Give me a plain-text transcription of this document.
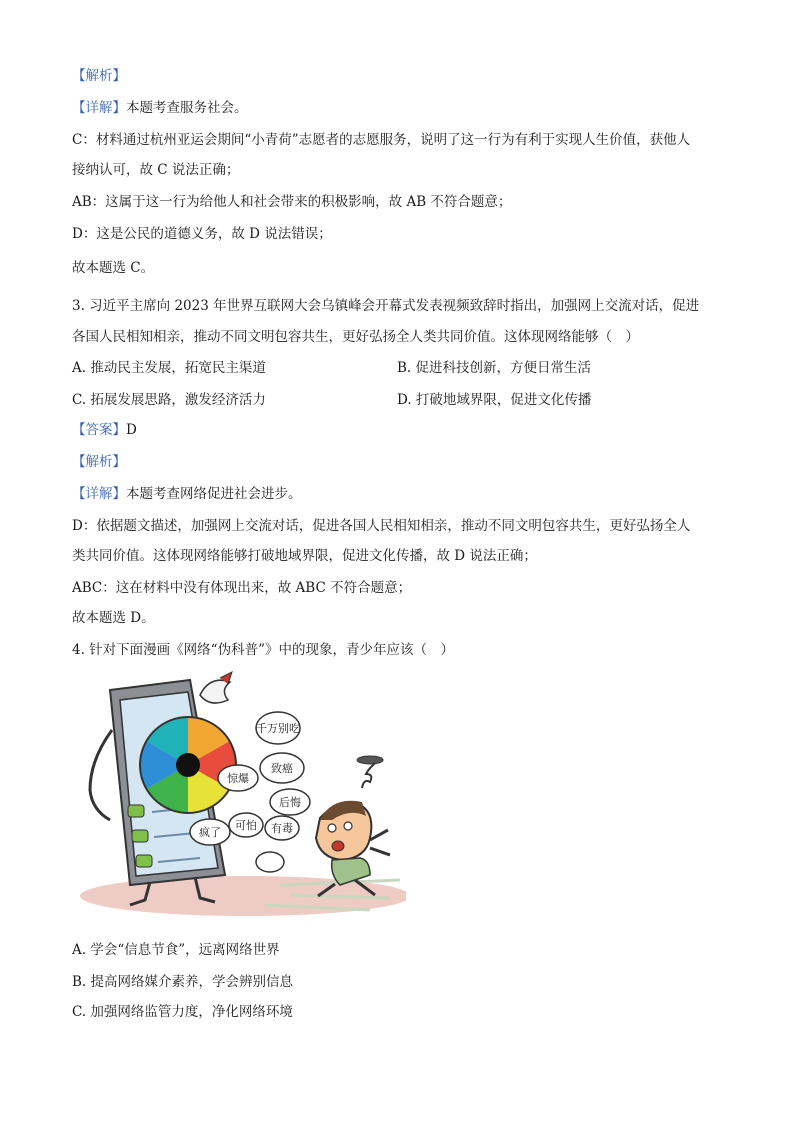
【解析】
【详解】本题考查服务社会。
C：材料通过杭州亚运会期间“小青荷”志愿者的志愿服务，说明了这一行为有利于实现人生价值，获他人
接纳认可，故 C 说法正确；
AB：这属于这一行为给他人和社会带来的积极影响，故 AB 不符合题意；
D：这是公民的道德义务，故 D 说法错误；
故本题选 C。
3. 习近平主席向 2023 年世界互联网大会乌镇峰会开幕式发表视频致辞时指出，加强网上交流对话，促进
各国人民相知相亲，推动不同文明包容共生，更好弘扬全人类共同价值。这体现网络能够（　）
A. 推动民主发展，拓宽民主渠道	B. 促进科技创新，方便日常生活
C. 拓展发展思路，激发经济活力	D. 打破地域界限，促进文化传播
【答案】D
【解析】
【详解】本题考查网络促进社会进步。
D：依据题文描述，加强网上交流对话，促进各国人民相知相亲，推动不同文明包容共生，更好弘扬全人
类共同价值。这体现网络能够打破地域界限，促进文化传播，故 D 说法正确；
ABC：这在材料中没有体现出来，故 ABC 不符合题意；
故本题选 D。
4. 针对下面漫画《网络“伪科普”》中的现象，青少年应该（　）
千万别吃
致癌
后悔
惊爆
疯了
可怕 有毒
A. 学会“信息节食”，远离网络世界
B. 提高网络媒介素养，学会辨别信息
C. 加强网络监管力度，净化网络环境
